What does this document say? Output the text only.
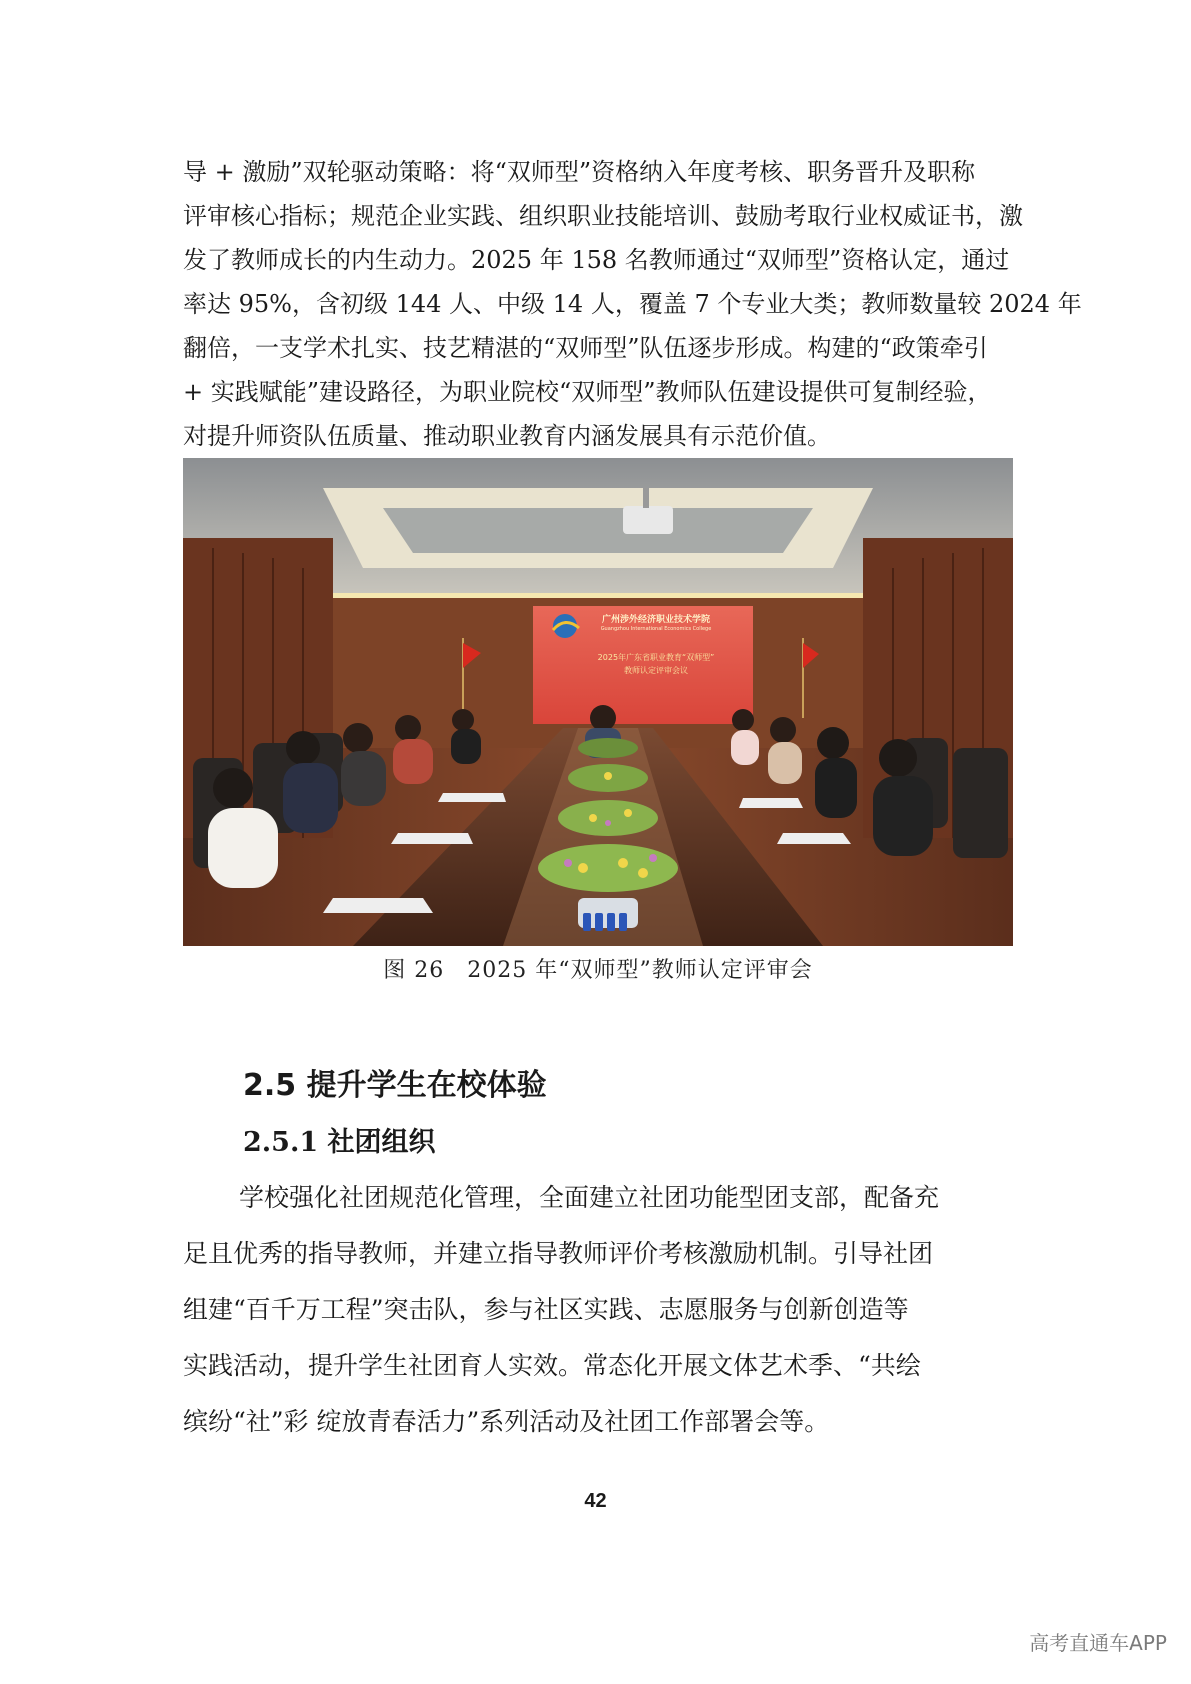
导 + 激励”双轮驱动策略：将“双师型”资格纳入年度考核、职务晋升及职称
评审核心指标；规范企业实践、组织职业技能培训、鼓励考取行业权威证书，激
发了教师成长的内生动力。2025 年 158 名教师通过“双师型”资格认定，通过
率达 95%，含初级 144 人、中级 14 人，覆盖 7 个专业大类；教师数量较 2024 年
翻倍，一支学术扎实、技艺精湛的“双师型”队伍逐步形成。构建的“政策牵引
+ 实践赋能”建设路径，为职业院校“双师型”教师队伍建设提供可复制经验，
对提升师资队伍质量、推动职业教育内涵发展具有示范价值。

广州涉外经济职业技术学院
Guangzhou International Economics College
2025年广东省职业教育“双师型”
教师认定评审会议
图 26　2025 年“双师型”教师认定评审会
2.5 提升学生在校体验
2.5.1 社团组织

学校强化社团规范化管理，全面建立社团功能型团支部，配备充
足且优秀的指导教师，并建立指导教师评价考核激励机制。引导社团
组建“百千万工程”突击队，参与社区实践、志愿服务与创新创造等
实践活动，提升学生社团育人实效。常态化开展文体艺术季、“共绘
缤纷“社”彩 绽放青春活力”系列活动及社团工作部署会等。

42
高考直通车APP
